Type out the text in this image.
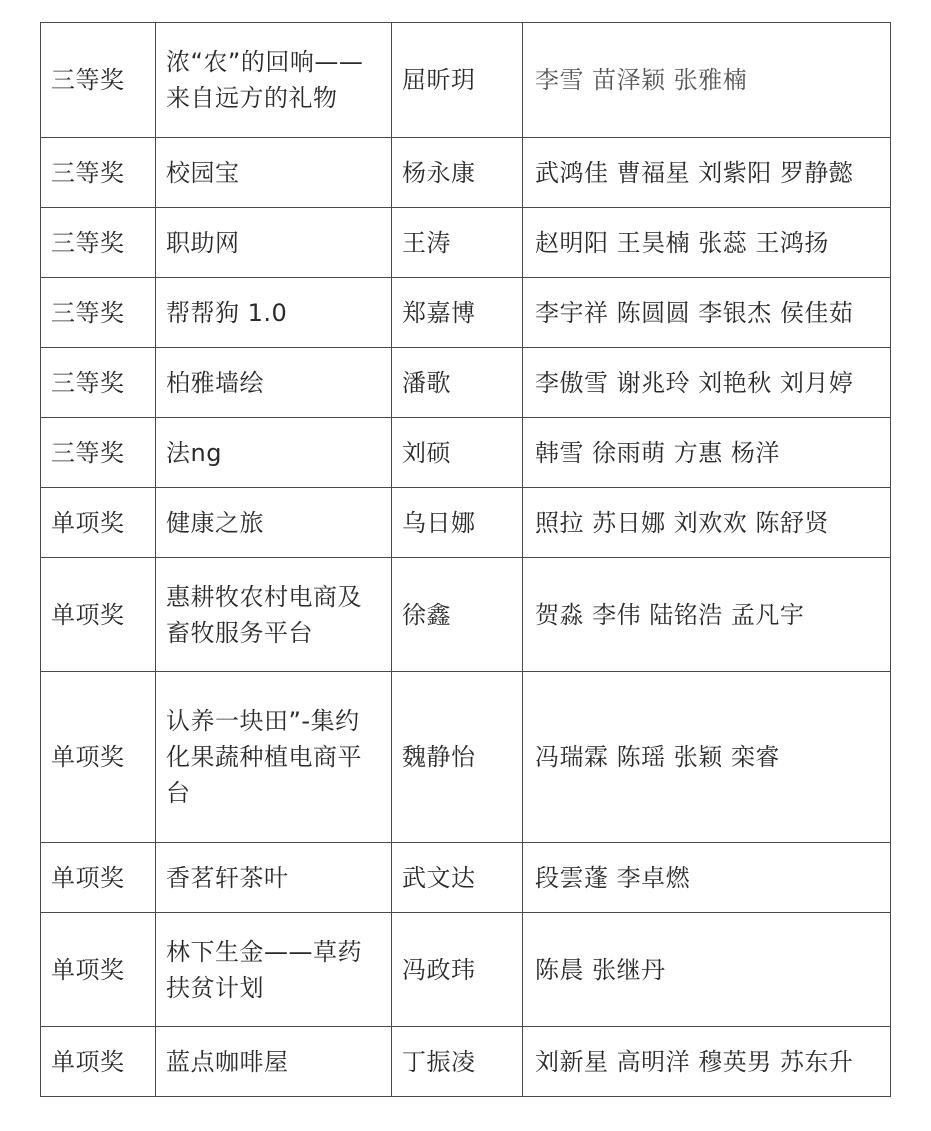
三等奖	浓“农”的回响——来自远方的礼物	屈昕玥	李雪 苗泽颖 张雅楠
三等奖	校园宝	杨永康	武鸿佳 曹福星 刘紫阳 罗静懿
三等奖	职助网	王涛	赵明阳 王昊楠 张蕊 王鸿扬
三等奖	帮帮狗 1.0	郑嘉博	李宇祥 陈圆圆 李银杰 侯佳茹
三等奖	柏雅墙绘	潘歌	李傲雪 谢兆玲 刘艳秋 刘月婷
三等奖	法ng	刘硕	韩雪 徐雨萌 方惠 杨洋
单项奖	健康之旅	乌日娜	照拉 苏日娜 刘欢欢 陈舒贤
单项奖	惠耕牧农村电商及畜牧服务平台	徐鑫	贺淼 李伟 陆铭浩 孟凡宇
单项奖	认养一块田”-集约化果蔬种植电商平台	魏静怡	冯瑞霖 陈瑶 张颖 栾睿
单项奖	香茗轩茶叶	武文达	段雲蓬 李卓燃
单项奖	林下生金——草药扶贫计划	冯政玮	陈晨 张继丹
单项奖	蓝点咖啡屋	丁振凌	刘新星 高明洋 穆英男 苏东升
